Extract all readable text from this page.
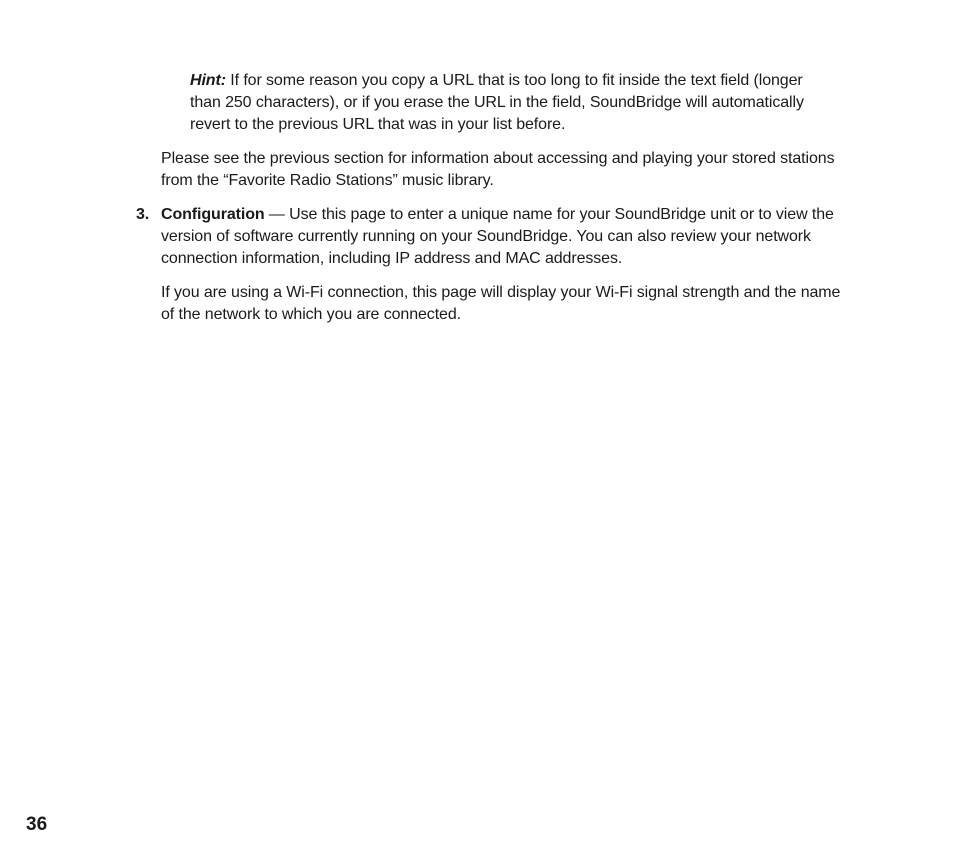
Hint: If for some reason you copy a URL that is too long to fit inside the text field (longer than 250 characters), or if you erase the URL in the field, SoundBridge will automatically revert to the previous URL that was in your list before.
Please see the previous section for information about accessing and playing your stored stations from the “Favorite Radio Stations” music library.
3. Configuration — Use this page to enter a unique name for your SoundBridge unit or to view the version of software currently running on your SoundBridge. You can also review your network connection information, including IP address and MAC addresses.
If you are using a Wi-Fi connection, this page will display your Wi-Fi signal strength and the name of the network to which you are connected.
36
